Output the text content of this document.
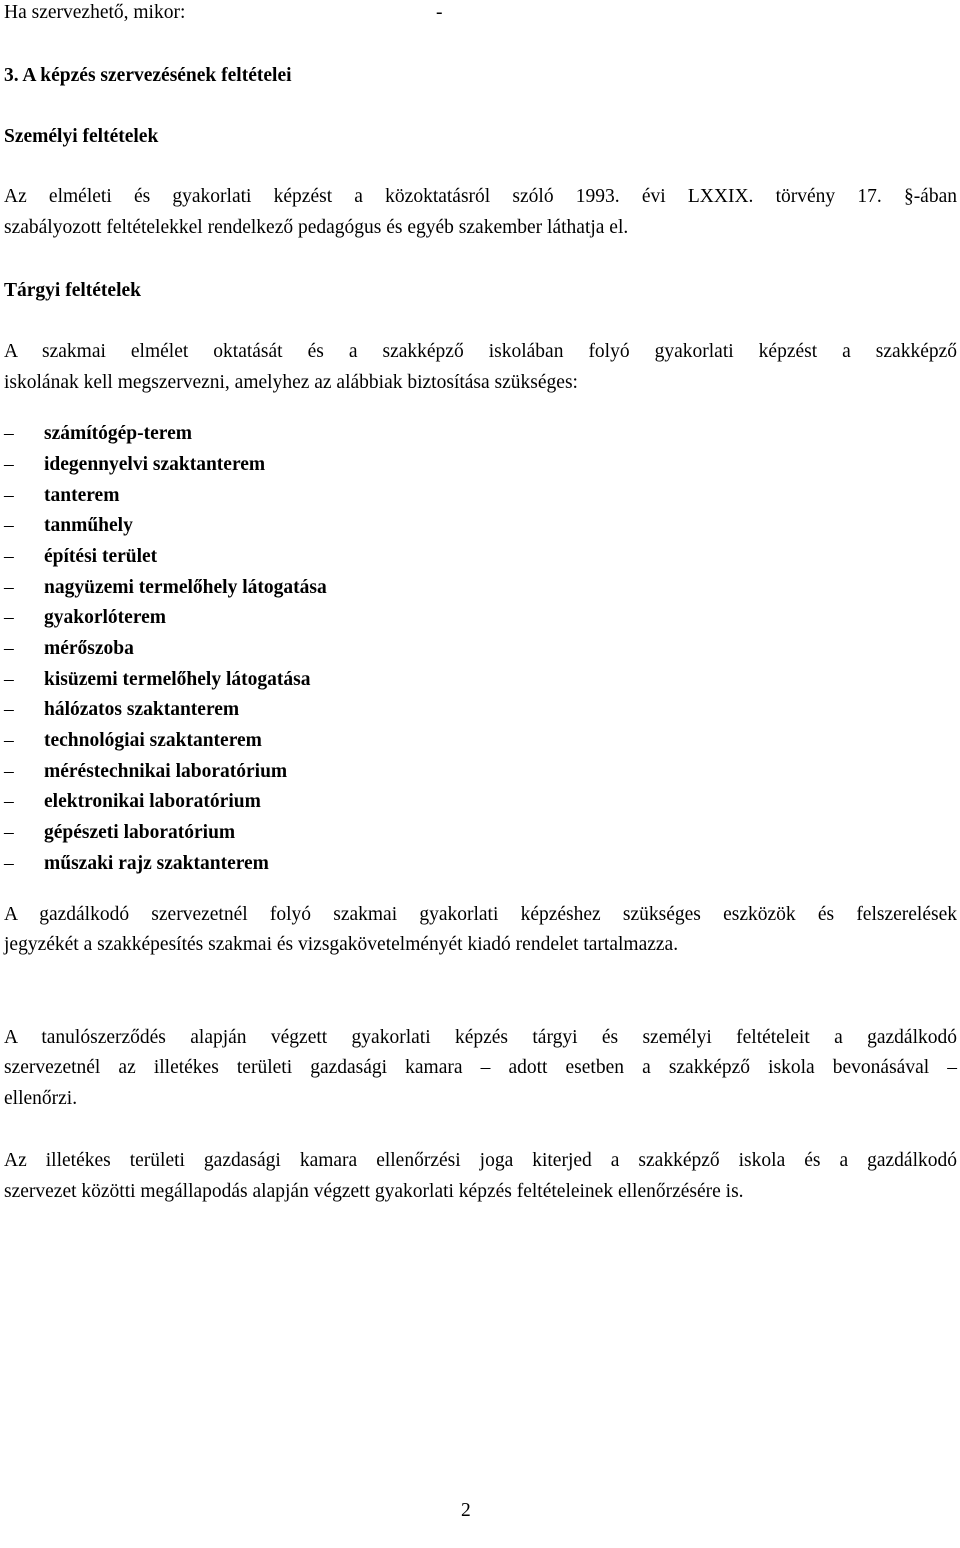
Ha szervezhető, mikor:	-
3. A képzés szervezésének feltételei
Személyi feltételek
Az elméleti és gyakorlati képzést a közoktatásról szóló 1993. évi LXXIX. törvény 17. §-ában
szabályozott feltételekkel rendelkező pedagógus és egyéb szakember láthatja el.
Tárgyi feltételek
A szakmai elmélet oktatását és a szakképző iskolában folyó gyakorlati képzést a szakképző
iskolának kell megszervezni, amelyhez az alábbiak biztosítása szükséges:
–	számítógép-terem
–	idegennyelvi szaktanterem
–	tanterem
–	tanműhely
–	építési terület
–	nagyüzemi termelőhely látogatása
–	gyakorlóterem
–	mérőszoba
–	kisüzemi termelőhely látogatása
–	hálózatos szaktanterem
–	technológiai szaktanterem
–	méréstechnikai laboratórium
–	elektronikai laboratórium
–	gépészeti laboratórium
–	műszaki rajz szaktanterem
A gazdálkodó szervezetnél folyó szakmai gyakorlati képzéshez szükséges eszközök és felszerelések
jegyzékét a szakképesítés szakmai és vizsgakövetelményét kiadó rendelet tartalmazza.
A tanulószerződés alapján végzett gyakorlati képzés tárgyi és személyi feltételeit a gazdálkodó
szervezetnél az illetékes területi gazdasági kamara – adott esetben a szakképző iskola bevonásával –
ellenőrzi.
Az illetékes területi gazdasági kamara ellenőrzési joga kiterjed a szakképző iskola és a gazdálkodó
szervezet közötti megállapodás alapján végzett gyakorlati képzés feltételeinek ellenőrzésére is.
2
